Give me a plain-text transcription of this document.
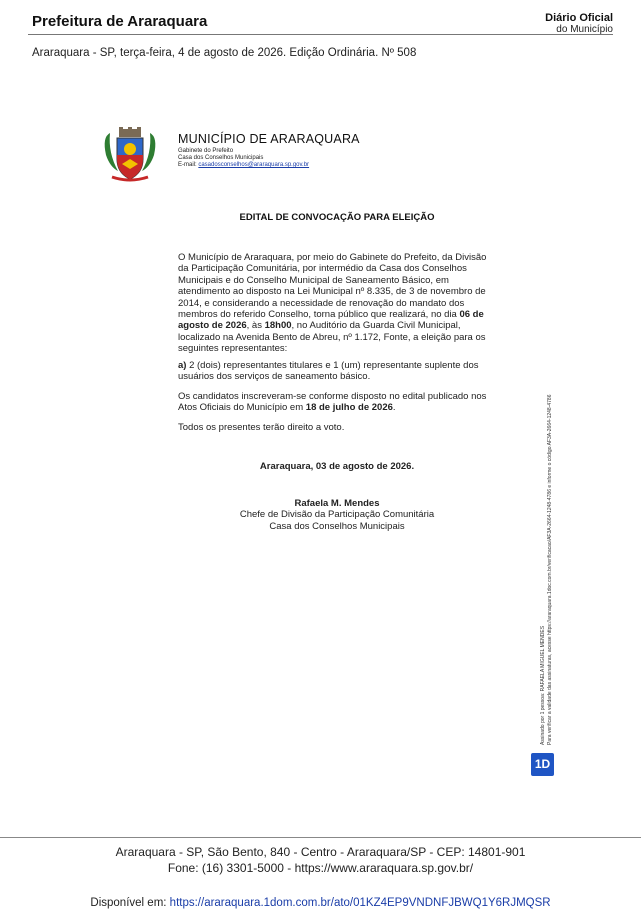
Prefeitura de Araraquara	Diário Oficial
do Município
Araraquara - SP, terça-feira, 4 de agosto de 2026. Edição Ordinária. Nº 508
MUNICÍPIO DE ARARAQUARA
Gabinete do Prefeito
Casa dos Conselhos Municipais
E-mail: casadosconselhos@araraquara.sp.gov.br
EDITAL DE CONVOCAÇÃO PARA ELEIÇÃO
O Município de Araraquara, por meio do Gabinete do Prefeito, da Divisão da Participação Comunitária, por intermédio da Casa dos Conselhos Municipais e do Conselho Municipal de Saneamento Básico, em atendimento ao disposto na Lei Municipal nº 8.335, de 3 de novembro de 2014, e considerando a necessidade de renovação do mandato dos membros do referido Conselho, torna público que realizará, no dia 06 de agosto de 2026, às 18h00, no Auditório da Guarda Civil Municipal, localizado na Avenida Bento de Abreu, nº 1.172, Fonte, a eleição para os seguintes representantes:
a) 2 (dois) representantes titulares e 1 (um) representante suplente dos usuários dos serviços de saneamento básico.
Os candidatos inscreveram-se conforme disposto no edital publicado nos Atos Oficiais do Município em 18 de julho de 2026.
Todos os presentes terão direito a voto.
Araraquara, 03 de agosto de 2026.
Rafaela M. Mendes
Chefe de Divisão da Participação Comunitária
Casa dos Conselhos Municipais
Assinado por 1 pessoa: RAFAELA MIGUEL MENDES Para verificar a validade das assinaturas, acesse https://araraquara.1doc.com.br/verificacao/AF3A-2664-1248-4786 e informe o código AF3A-2664-1248-4786
1D
Araraquara - SP, São Bento, 840 - Centro - Araraquara/SP - CEP: 14801-901
Fone: (16) 3301-5000 - https://www.araraquara.sp.gov.br/
Disponível em: https://araraquara.1dom.com.br/ato/01KZ4EP9VNDNFJBWQ1Y6RJMQSR
